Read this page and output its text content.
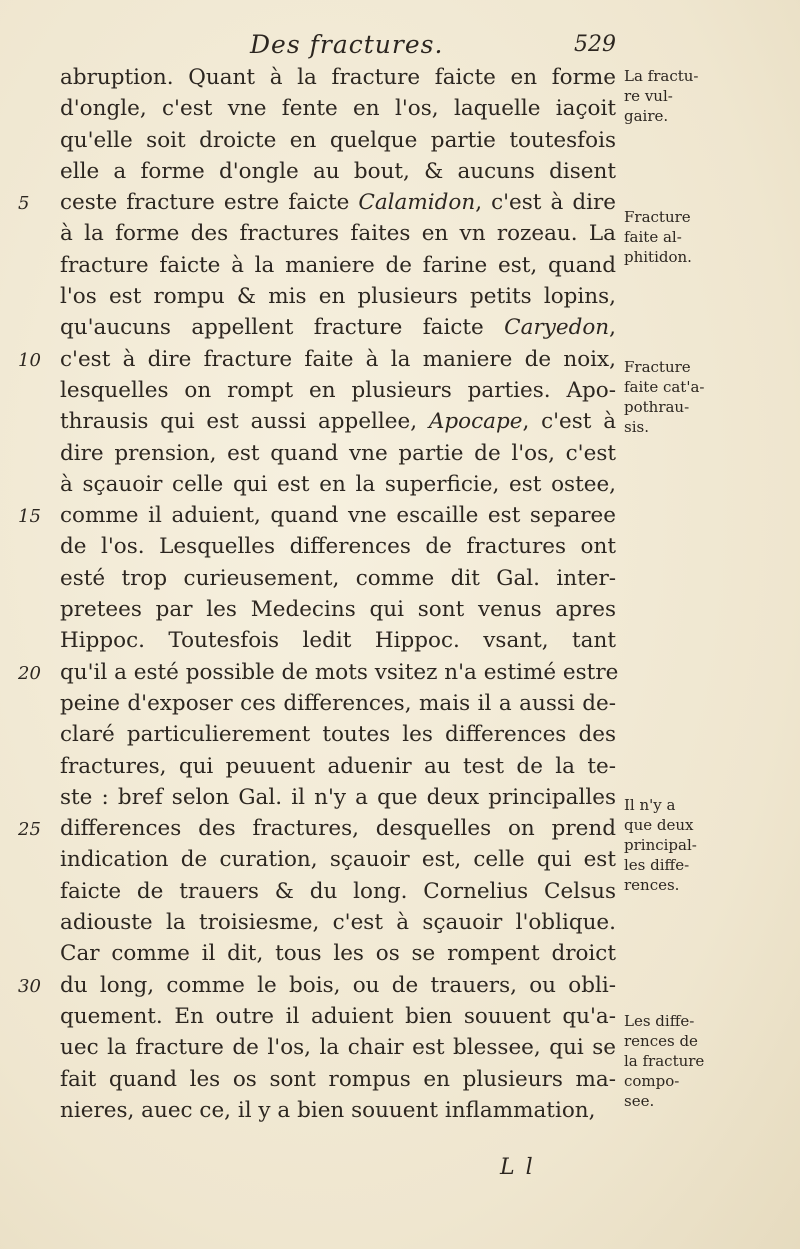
Des fractures.	529
5
10
15
20
25
30
abruption. Quant à la fracture faicte en forme
d'ongle, c'est vne fente en l'os, laquelle iaçoit
qu'elle soit droicte en quelque partie toutesfois
elle a forme d'ongle au bout, & aucuns disent
ceste fracture estre faicte Calamidon, c'est à dire
à la forme des fractures faites en vn rozeau. La
fracture faicte à la maniere de farine est, quand
l'os est rompu & mis en plusieurs petits lopins,
qu'aucuns appellent fracture faicte Caryedon,
c'est à dire fracture faite à la maniere de noix,
lesquelles on rompt en plusieurs parties. Apo-
thrausis qui est aussi appellee, Apocape, c'est à
dire prension, est quand vne partie de l'os, c'est
à sçauoir celle qui est en la superficie, est ostee,
comme il aduient, quand vne escaille est separee
de l'os. Lesquelles differences de fractures ont
esté trop curieusement, comme dit Gal. inter-
pretees par les Medecins qui sont venus apres
Hippoc. Toutesfois ledit Hippoc. vsant, tant
qu'il a esté possible de mots vsitez n'a estimé estre
peine d'exposer ces differences, mais il a aussi de-
claré particulierement toutes les differences des
fractures, qui peuuent aduenir au test de la te-
ste : bref selon Gal. il n'y a que deux principalles
differences des fractures, desquelles on prend
indication de curation, sçauoir est, celle qui est
faicte de trauers & du long. Cornelius Celsus
adiouste la troisiesme, c'est à sçauoir l'oblique.
Car comme il dit, tous les os se rompent droict
du long, comme le bois, ou de trauers, ou obli-
quement. En outre il aduient bien souuent qu'a-
uec la fracture de l'os, la chair est blessee, qui se
fait quand les os sont rompus en plusieurs ma-
nieres, auec ce, il y a bien souuent inflammation,
La fractu-
re vul-
gaire.
Fracture
faite al-
phitidon.
Fracture
faite cat'a-
pothrau-
sis.
Il n'y a
que deux
principal-
les diffe-
rences.
Les diffe-
rences de
la fracture
compo-
see.
L l
